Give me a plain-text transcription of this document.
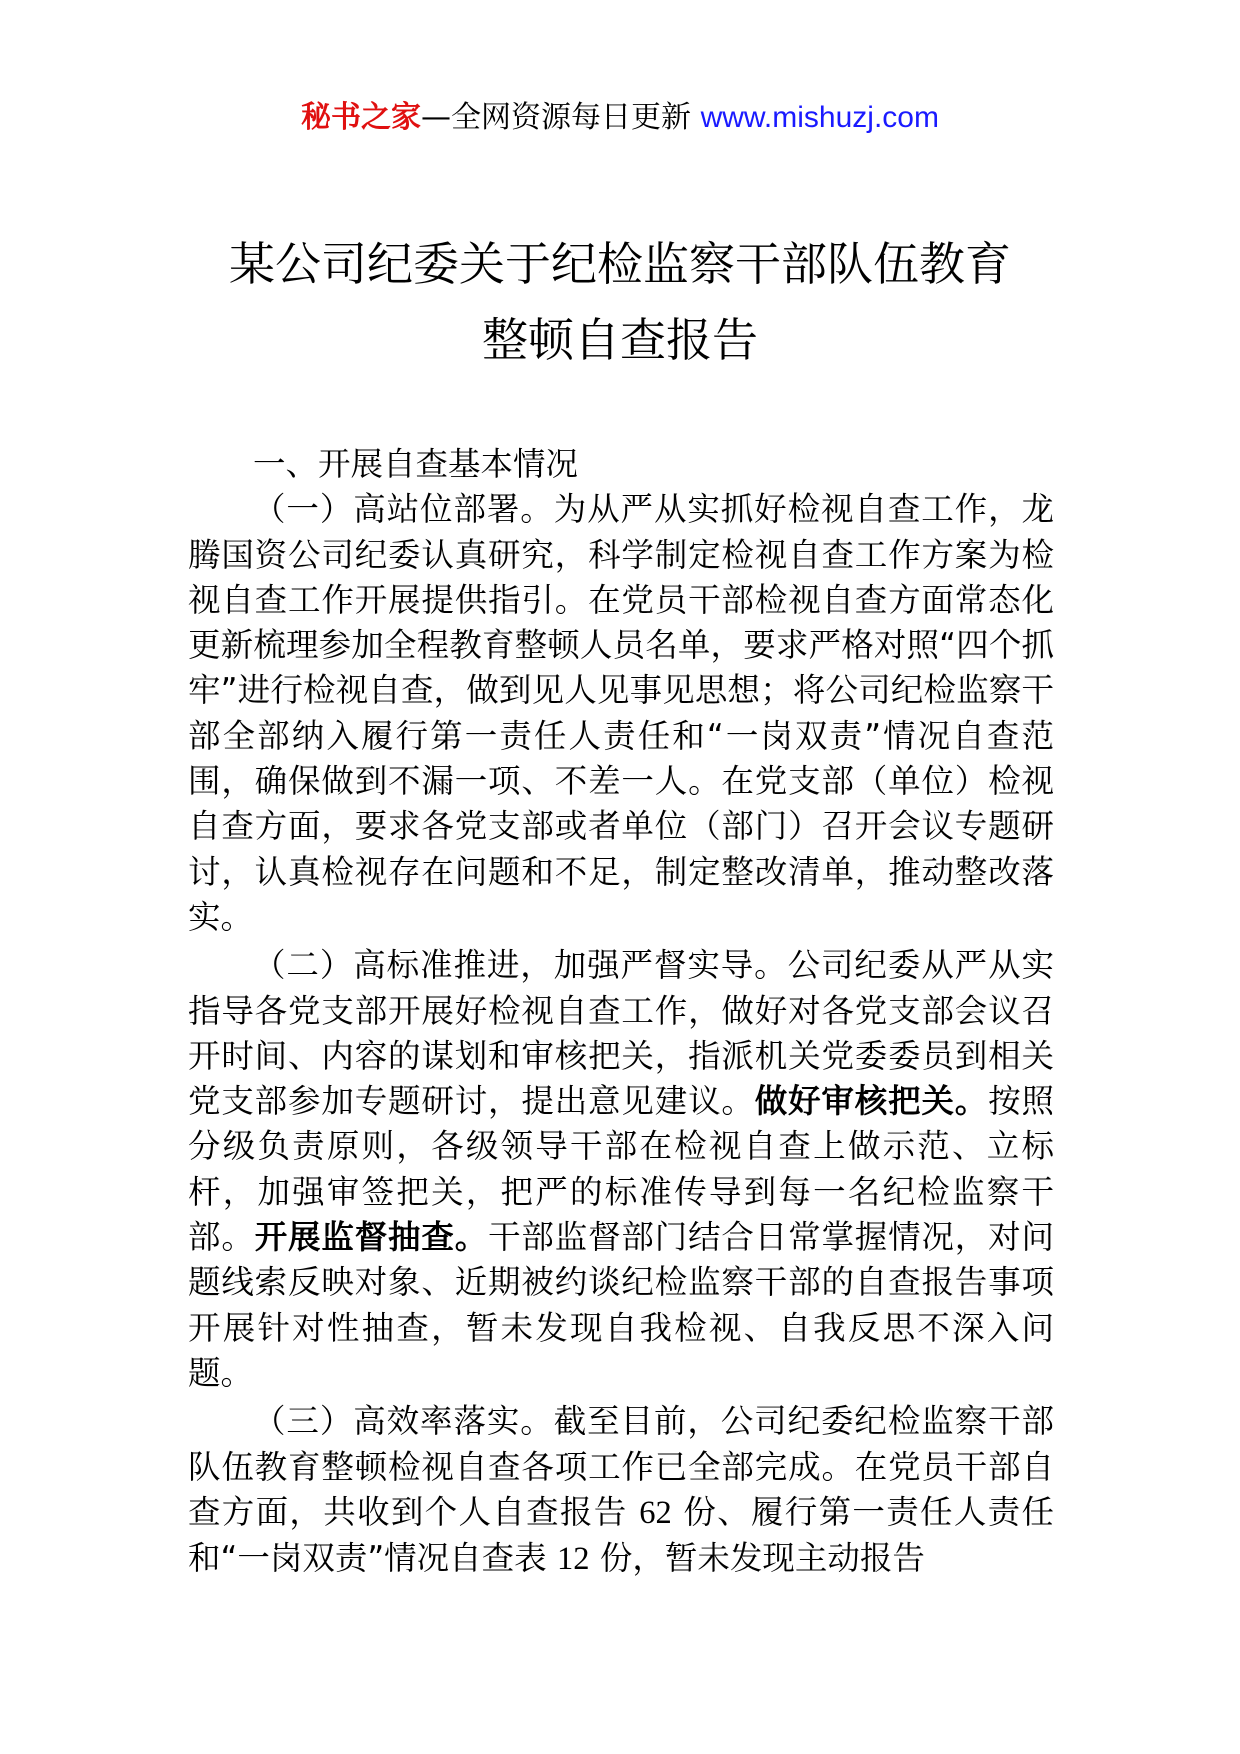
秘书之家—全网资源每日更新 www.mishuzj.com
某公司纪委关于纪检监察干部队伍教育
整顿自查报告

一、开展自查基本情况

（一）高站位部署。为从严从实抓好检视自查工作，龙腾国资公司纪委认真研究，科学制定检视自查工作方案为检视自查工作开展提供指引。在党员干部检视自查方面常态化更新梳理参加全程教育整顿人员名单，要求严格对照“四个抓牢”进行检视自查，做到见人见事见思想；将公司纪检监察干部全部纳入履行第一责任人责任和“一岗双责”情况自查范围，确保做到不漏一项、不差一人。在党支部（单位）检视自查方面，要求各党支部或者单位（部门）召开会议专题研讨，认真检视存在问题和不足，制定整改清单，推动整改落实。

（二）高标准推进，加强严督实导。公司纪委从严从实指导各党支部开展好检视自查工作，做好对各党支部会议召开时间、内容的谋划和审核把关，指派机关党委委员到相关党支部参加专题研讨，提出意见建议。做好审核把关。按照分级负责原则，各级领导干部在检视自查上做示范、立标杆，加强审签把关，把严的标准传导到每一名纪检监察干部。开展监督抽查。干部监督部门结合日常掌握情况，对问题线索反映对象、近期被约谈纪检监察干部的自查报告事项开展针对性抽查，暂未发现自我检视、自我反思不深入问题。

（三）高效率落实。截至目前，公司纪委纪检监察干部队伍教育整顿检视自查各项工作已全部完成。在党员干部自查方面，共收到个人自查报告 62 份、履行第一责任人责任和“一岗双责”情况自查表 12 份，暂未发现主动报告
